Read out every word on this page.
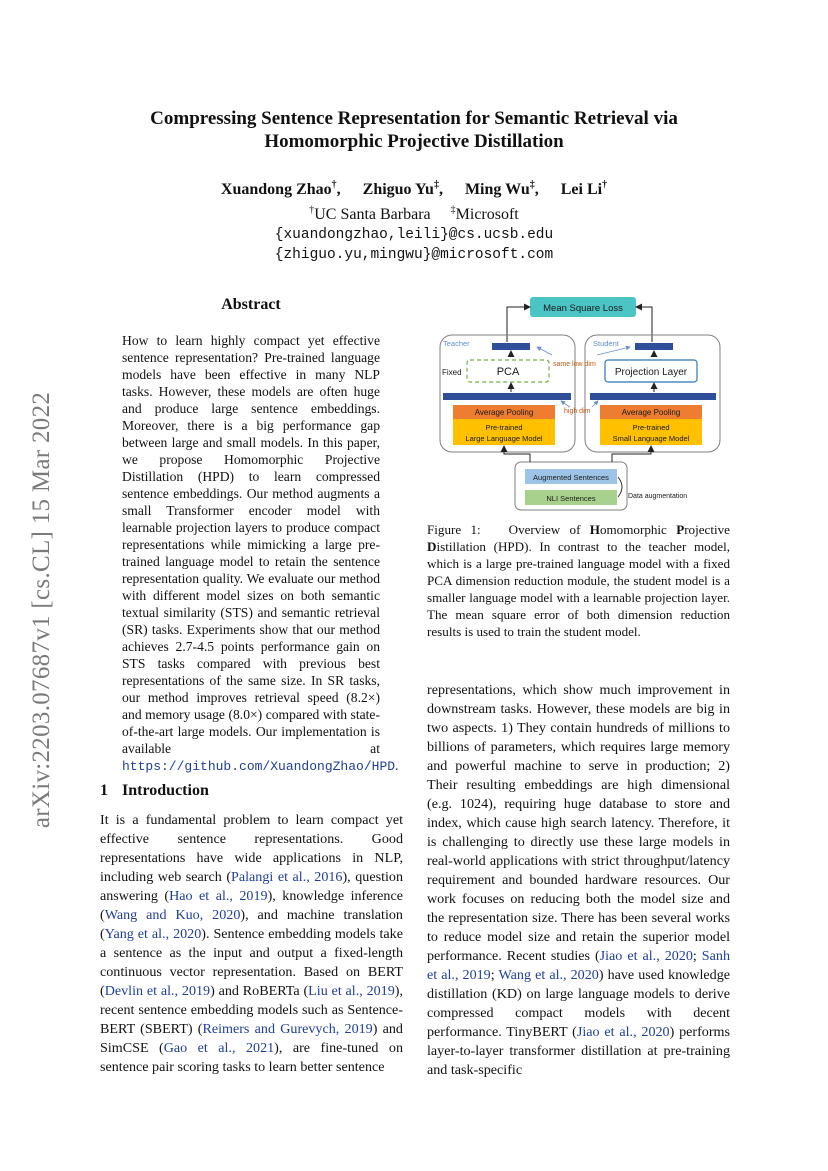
arXiv:2203.07687v1 [cs.CL] 15 Mar 2022
Compressing Sentence Representation for Semantic Retrieval via
Homomorphic Projective Distillation
Xuandong Zhao†, Zhiguo Yu‡, Ming Wu‡, Lei Li†
†UC Santa Barbara ‡Microsoft
{xuandongzhao,leili}@cs.ucsb.edu
{zhiguo.yu,mingwu}@microsoft.com
Abstract
How to learn highly compact yet effective sentence representation? Pre-trained language models have been effective in many NLP tasks. However, these models are often huge and produce large sentence embeddings. Moreover, there is a big performance gap between large and small models. In this paper, we propose Homomorphic Projective Distillation (HPD) to learn compressed sentence embeddings. Our method augments a small Transformer encoder model with learnable projection layers to produce compact representations while mimicking a large pre-trained language model to retain the sentence representation quality. We evaluate our method with different model sizes on both semantic textual similarity (STS) and semantic retrieval (SR) tasks. Experiments show that our method achieves 2.7-4.5 points performance gain on STS tasks compared with previous best representations of the same size. In SR tasks, our method improves retrieval speed (8.2×) and memory usage (8.0×) compared with state-of-the-art large models. Our implementation is available at https://github.com/XuandongZhao/HPD.
Mean Square Loss
Teacher	Student
same low dim
Fixed	PCA	Projection Layer
high dim
Average Pooling	Average Pooling
Pre-trained
Large Language Model
Pre-trained
Small Language Model
Augmented Sentences
NLI Sentences	Data augmentation
Figure 1: Overview of Homomorphic Projective Distillation (HPD). In contrast to the teacher model, which is a large pre-trained language model with a fixed PCA dimension reduction module, the student model is a smaller language model with a learnable projection layer. The mean square error of both dimension reduction results is used to train the student model.
1 Introduction
It is a fundamental problem to learn compact yet effective sentence representations. Good representations have wide applications in NLP, including web search (Palangi et al., 2016), question answering (Hao et al., 2019), knowledge inference (Wang and Kuo, 2020), and machine translation (Yang et al., 2020). Sentence embedding models take a sentence as the input and output a fixed-length continuous vector representation. Based on BERT (Devlin et al., 2019) and RoBERTa (Liu et al., 2019), recent sentence embedding models such as Sentence-BERT (SBERT) (Reimers and Gurevych, 2019) and SimCSE (Gao et al., 2021), are fine-tuned on sentence pair scoring tasks to learn better sentence
representations, which show much improvement in downstream tasks. However, these models are big in two aspects. 1) They contain hundreds of millions to billions of parameters, which requires large memory and powerful machine to serve in production; 2) Their resulting embeddings are high dimensional (e.g. 1024), requiring huge database to store and index, which cause high search latency. Therefore, it is challenging to directly use these large models in real-world applications with strict throughput/latency requirement and bounded hardware resources. Our work focuses on reducing both the model size and the representation size. There has been several works to reduce model size and retain the superior model performance. Recent studies (Jiao et al., 2020; Sanh et al., 2019; Wang et al., 2020) have used knowledge distillation (KD) on large language models to derive compressed compact models with decent performance. TinyBERT (Jiao et al., 2020) performs layer-to-layer transformer distillation at pre-training and task-specific
